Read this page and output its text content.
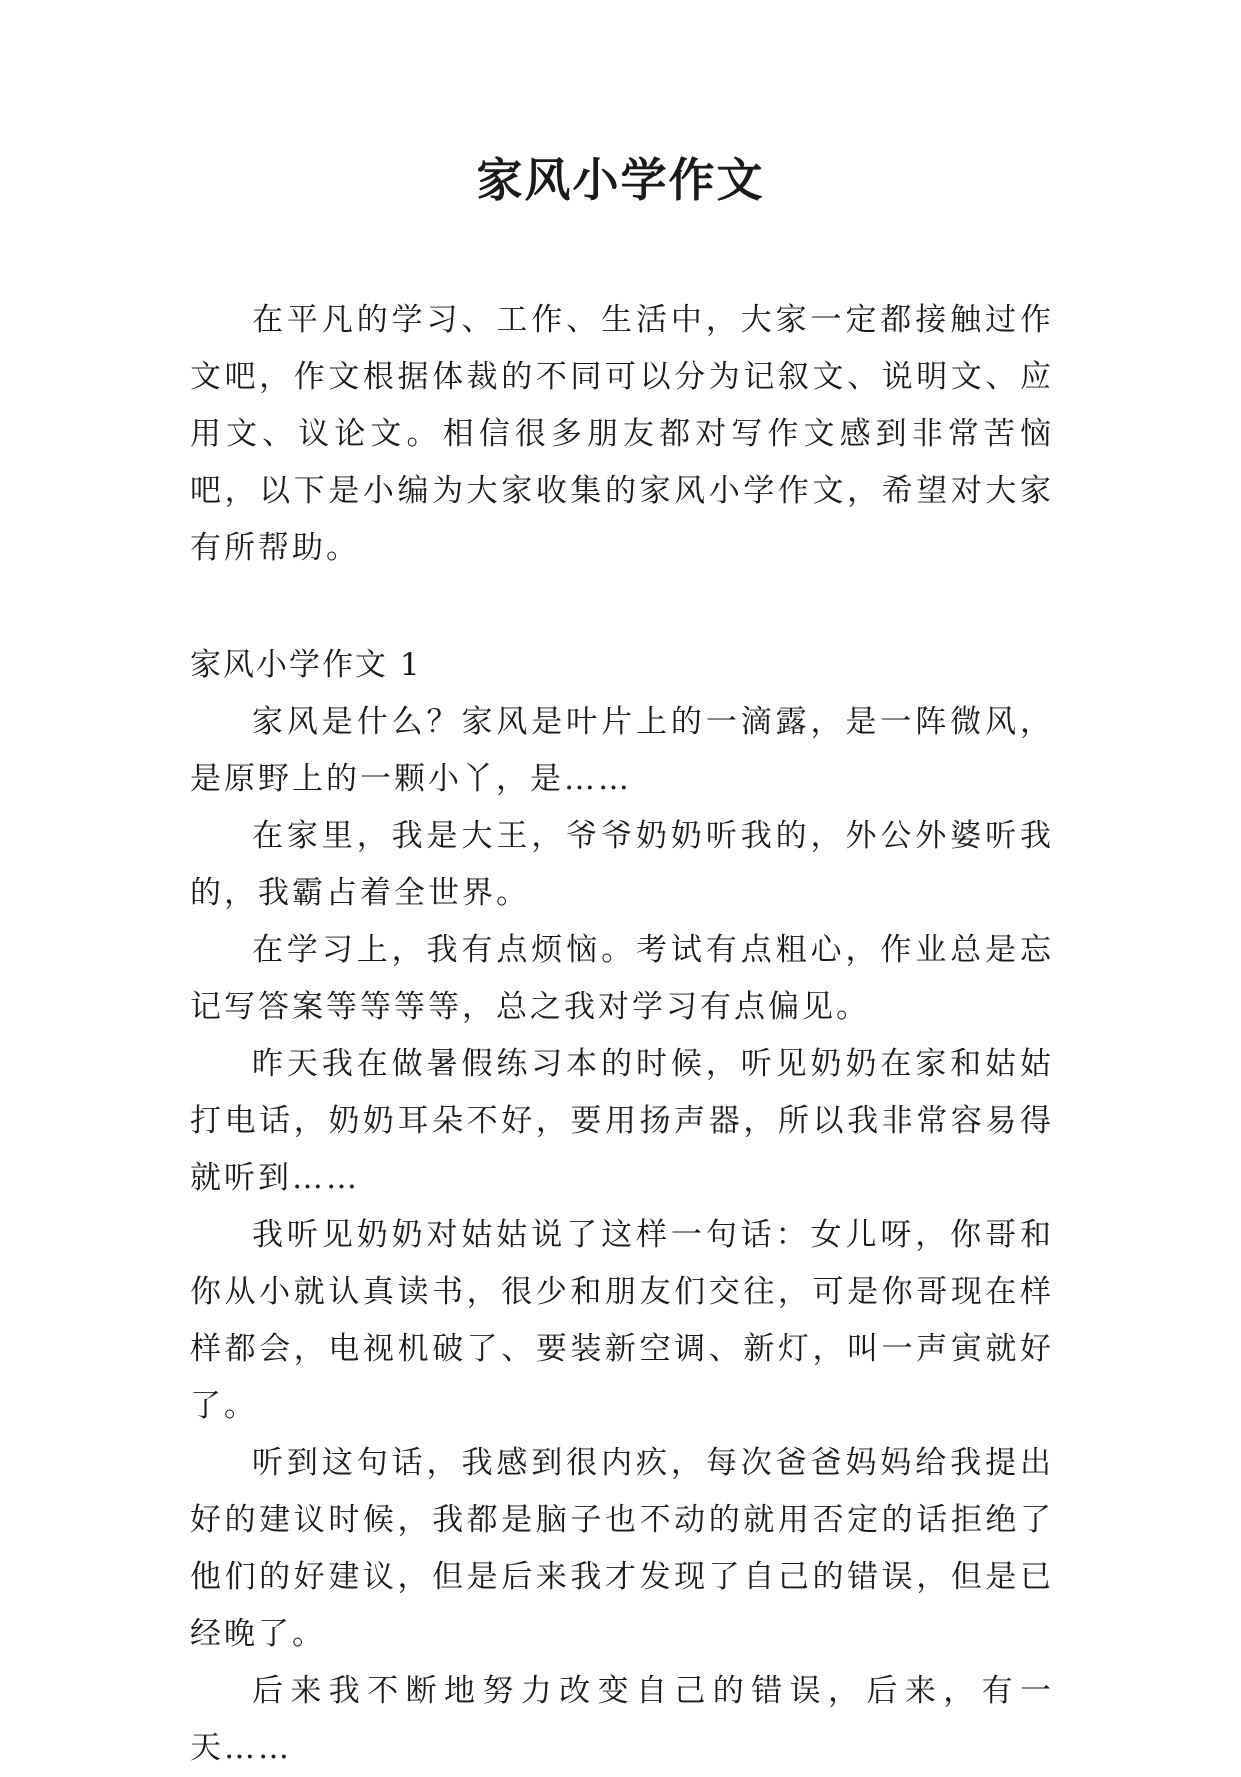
家风小学作文

在平凡的学习、工作、生活中，大家一定都接触过作文吧，作文根据体裁的不同可以分为记叙文、说明文、应用文、议论文。相信很多朋友都对写作文感到非常苦恼吧，以下是小编为大家收集的家风小学作文，希望对大家有所帮助。

家风小学作文 1

家风是什么？家风是叶片上的一滴露，是一阵微风，是原野上的一颗小丫，是……

在家里，我是大王，爷爷奶奶听我的，外公外婆听我的，我霸占着全世界。

在学习上，我有点烦恼。考试有点粗心，作业总是忘记写答案等等等等，总之我对学习有点偏见。

昨天我在做暑假练习本的时候，听见奶奶在家和姑姑打电话，奶奶耳朵不好，要用扬声器，所以我非常容易得就听到……

我听见奶奶对姑姑说了这样一句话：女儿呀，你哥和你从小就认真读书，很少和朋友们交往，可是你哥现在样样都会，电视机破了、要装新空调、新灯，叫一声寅就好了。

听到这句话，我感到很内疚，每次爸爸妈妈给我提出好的建议时候，我都是脑子也不动的就用否定的话拒绝了他们的好建议，但是后来我才发现了自己的错误，但是已经晚了。

后来我不断地努力改变自己的错误，后来，有一天……
